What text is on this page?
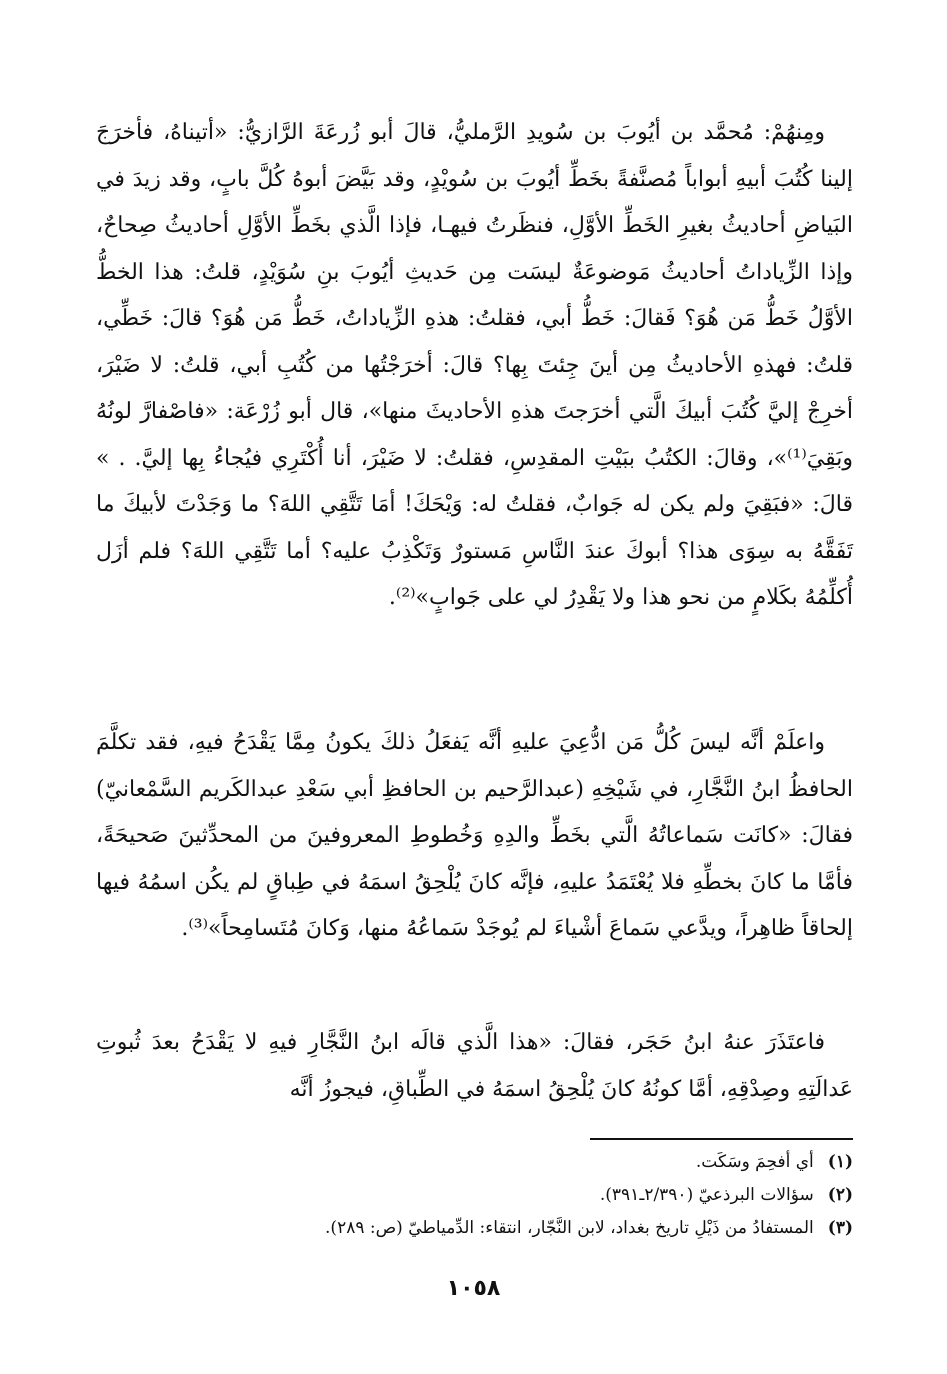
ومِنهُمْ: مُحمَّد بن أيُوبَ بن سُويدِ الرَّمليُّ، قالَ أبو زُرعَةَ الرَّازيُّ: «أتيناهُ، فأخرَجَ إلينا كُتُبَ أبيهِ أبواباً مُصنَّفةً بخَطِّ أيُوبَ بن سُويْدٍ، وقد بَيَّضَ أبوهُ كُلَّ بابٍ، وقد زيدَ في البَياضِ أحاديثُ بغيرِ الخَطِّ الأوَّلِ، فنظَرتُ فيهـا، فإذا الَّذي بخَطِّ الأوَّلِ أحاديثُ صِحاحٌ، وإذا الزِّياداتُ أحاديثُ مَوضوعَةٌ ليسَت مِن حَديثِ أيُوبَ بنِ سُوَيْدٍ، قلتُ: هذا الخطُّ الأوَّلُ خَطُّ مَن هُوَ؟ فَقالَ: خَطُّ أبي، فقلتُ: هذهِ الزِّياداتُ، خَطُّ مَن هُوَ؟ قالَ: خَطِّي، قلتُ: فهذهِ الأحاديثُ مِن أينَ جِئتَ بِها؟ قالَ: أخرَجْتُها من كُتُبِ أبي، قلتُ: لا ضَيْرَ، أخرِجْ إليَّ كُتُبَ أبيكَ الَّتي أخرَجتَ هذهِ الأحاديثَ منها»، قال أبو زُرْعَة: «فاصْفارَّ لونُهُ وبَقِيَ⁽¹⁾»، وقالَ: الكتُبُ ببَيْتِ المقدِسِ، فقلتُ: لا ضَيْرَ، أنا أُكْتَرِي فيُجاءُ بِها إليَّ. . » قالَ: «فبَقِيَ ولم يكن له جَوابٌ، فقلتُ له: وَيْحَكَ! أمَا تَتَّقِي اللهَ؟ ما وَجَدْتَ لأبيكَ ما تَفَقَّهُ به سِوَى هذا؟ أبوكَ عندَ النَّاسِ مَستورٌ وَتَكْذِبُ عليه؟ أما تَتَّقِي اللهَ؟ فلم أزَل أُكلِّمُهُ بكَلامٍ من نحو هذا ولا يَقْدِرُ لي على جَوابٍ»⁽²⁾.

واعلَمْ أنَّه ليسَ كُلُّ مَن ادُّعِيَ عليهِ أنَّه يَفعَلُ ذلكَ يكونُ مِمَّا يَقْدَحُ فيهِ، فقد تكلَّمَ الحافظُ ابنُ النَّجَّارِ، في شَيْخِهِ (عبدالرَّحيم بن الحافظِ أبي سَعْدِ عبدالكَريم السَّمْعانيّ) فقالَ: «كانَت سَماعاتُهُ الَّتي بخَطِّ والدِهِ وَخُطوطِ المعروفينَ من المحدِّثينَ صَحيحَةً، فأمَّا ما كانَ بخطِّهِ فلا يُعْتَمَدُ عليهِ، فإنَّه كانَ يُلْحِقُ اسمَهُ في طِباقٍ لم يكُن اسمُهُ فيها إلحاقاً ظاهِراً، ويدَّعي سَماعَ أشْياءَ لم يُوجَدْ سَماعُهُ منها، وَكانَ مُتَسامِحاً»⁽³⁾.

فاعتَذَرَ عنهُ ابنُ حَجَر، فقالَ: «هذا الَّذي قالَه ابنُ النَّجَّارِ فيهِ لا يَقْدَحُ بعدَ ثُبوتِ عَدالَتِهِ وصِدْقِهِ، أمَّا كونُهُ كانَ يُلْحِقُ اسمَهُ في الطِّباقِ، فيجوزُ أنَّه

(١)أي أفحِمَ وسَكَت.
(٢)سؤالات البرذعيّ (٢/٣٩٠ـ٣٩١).
(٣)المستفادُ من ذَيْلِ تاريخ بغداد، لابن النَّجّار، انتقاء: الدِّمياطيّ (ص: ٢٨٩).
١٠٥٨
